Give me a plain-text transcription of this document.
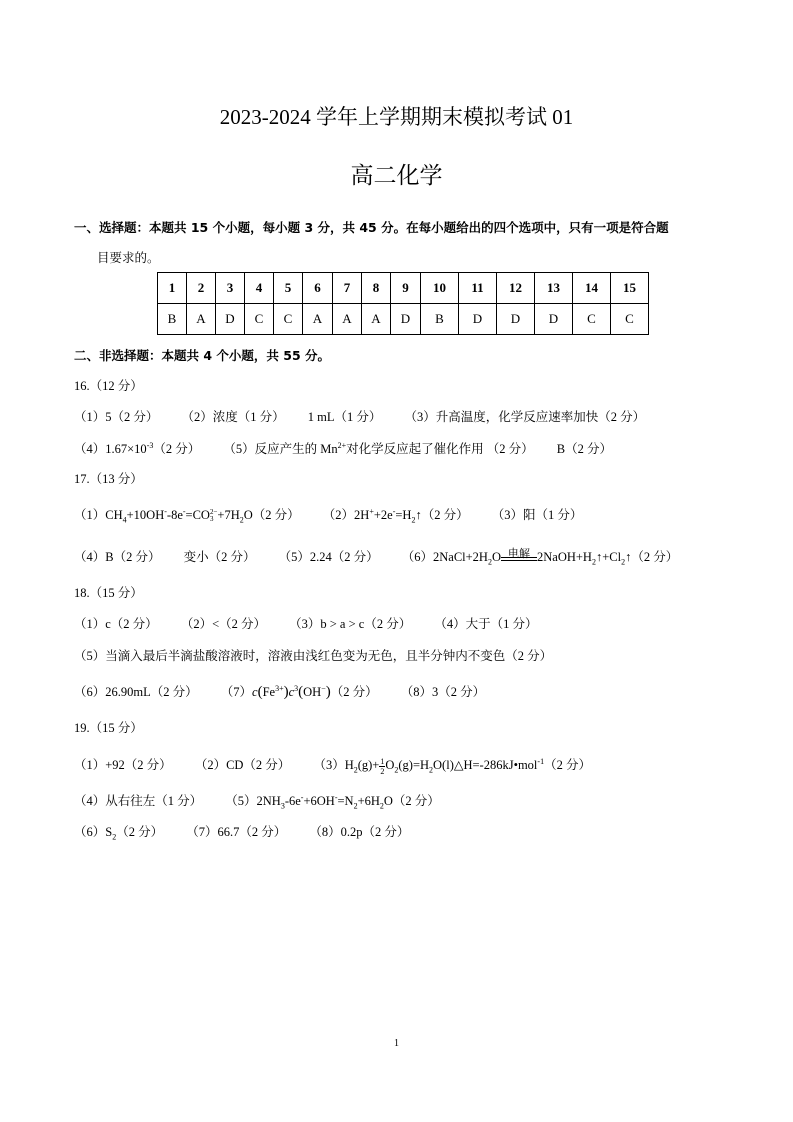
2023-2024 学年上学期期末模拟考试 01
高二化学
一、选择题：本题共 15 个小题，每小题 3 分，共 45 分。在每小题给出的四个选项中，只有一项是符合题
目要求的。
1	2	3	4	5	6	7	8	9	10	11	12	13	14	15
B	A	D	C	C	A	A	A	D	B	D	D	D	C	C
二、非选择题：本题共 4 个小题，共 55 分。
16.（12 分）
（1）5（2 分） （2）浓度（1 分） 1 mL（1 分） （3）升高温度，化学反应速率加快（2 分）
$(4)1.67\times 10^{-3}(2$ 分） （5）反应产生的 $Mn^{2+}$对化学反应起了催化作用 （2 分） B（2 分）
17.（13 分）
$(1)CH_4+10OH^--8e^-=CO$ 2−
$3 +7H_2O(2$ 分） $(2)2H^++2e^-=H_2↑(2$ 分） （3）阳（1 分）
（4）B（2 分） 变小（2 分） （5）2.24（2 分） $(6)2NaCl+2H_2O$ 电解 $2NaOH+H_2↑+Cl_2↑(2$ 分）
18.（15 分）
（1）c（2 分） （2）<（2 分） （3）b > a > c（2 分） （4）大于（1 分）
（5）当滴入最后半滴盐酸溶液时，溶液由浅红色变为无色，且半分钟内不变色（2 分）
（6）26.90mL（2 分） $(7)c(Fe^{3+})c^3(OH^-)(2$ 分） （8）3（2 分）
19.（15 分）
（1）+92（2 分） （2）CD（2 分） $(3)H_2(g)+ \frac{1}{2}$ $O_2(g)=H_2O(l)\triangle H=-286kJ•mol^{-1}(2$ 分）
（4）从右往左（1 分） $(5)2NH_3-6e^-+6OH^-=N_2+6H_2O(2$ 分）
$(6)S_2(2$ 分） （7）66.7（2 分） （8）0.2p（2 分）
1
